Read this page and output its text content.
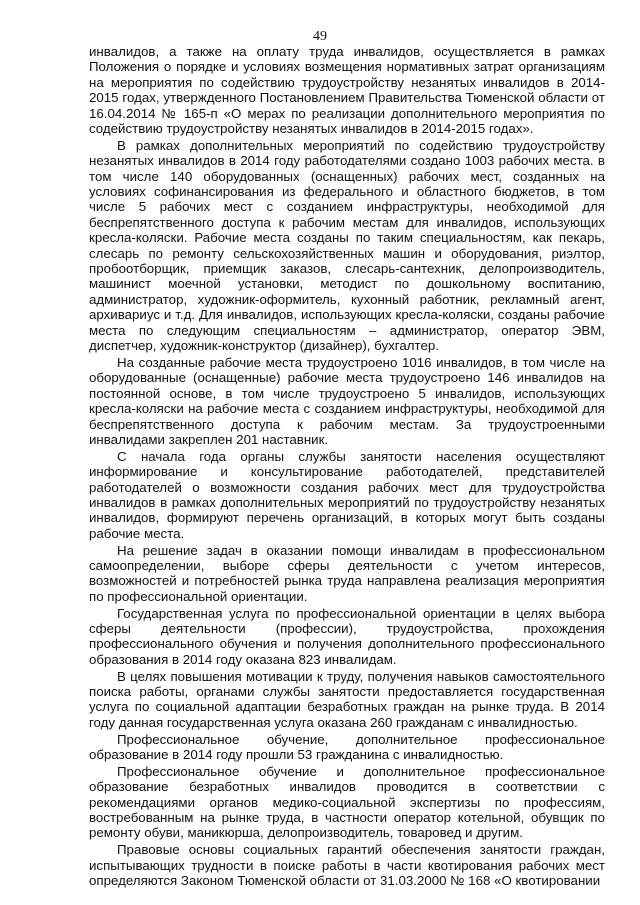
49

инвалидов, а также на оплату труда инвалидов, осуществляется в рамках Положения о порядке и условиях возмещения нормативных затрат организациям на мероприятия по содействию трудоустройству незанятых инвалидов в 2014-2015 годах, утвержденного Постановлением Правительства Тюменской области от 16.04.2014 № 165-п «О мерах по реализации дополнительного мероприятия по содействию трудоустройству незанятых инвалидов в 2014-2015 годах».

В рамках дополнительных мероприятий по содействию трудоустройству незанятых инвалидов в 2014 году работодателями создано 1003 рабочих места. в том числе 140 оборудованных (оснащенных) рабочих мест, созданных на условиях софинансирования из федерального и областного бюджетов, в том числе 5 рабочих мест с созданием инфраструктуры, необходимой для беспрепятственного доступа к рабочим местам для инвалидов, использующих кресла-коляски. Рабочие места созданы по таким специальностям, как пекарь, слесарь по ремонту сельскохозяйственных машин и оборудования, риэлтор, пробоотборщик, приемщик заказов, слесарь-сантехник, делопроизводитель, машинист моечной установки, методист по дошкольному воспитанию, администратор, художник-оформитель, кухонный работник, рекламный агент, архивариус и т.д. Для инвалидов, использующих кресла-коляски, созданы рабочие места по следующим специальностям – администратор, оператор ЭВМ, диспетчер, художник-конструктор (дизайнер), бухгалтер.

На созданные рабочие места трудоустроено 1016 инвалидов, в том числе на оборудованные (оснащенные) рабочие места трудоустроено 146 инвалидов на постоянной основе, в том числе трудоустроено 5 инвалидов, использующих кресла-коляски на рабочие места с созданием инфраструктуры, необходимой для беспрепятственного доступа к рабочим местам. За трудоустроенными инвалидами закреплен 201 наставник.

С начала года органы службы занятости населения осуществляют информирование и консультирование работодателей, представителей работодателей о возможности создания рабочих мест для трудоустройства инвалидов в рамках дополнительных мероприятий по трудоустройству незанятых инвалидов, формируют перечень организаций, в которых могут быть созданы рабочие места.

На решение задач в оказании помощи инвалидам в профессиональном самоопределении, выборе сферы деятельности с учетом интересов, возможностей и потребностей рынка труда направлена реализация мероприятия по профессиональной ориентации.

Государственная услуга по профессиональной ориентации в целях выбора сферы деятельности (профессии), трудоустройства, прохождения профессионального обучения и получения дополнительного профессионального образования в 2014 году оказана 823 инвалидам.

В целях повышения мотивации к труду, получения навыков самостоятельного поиска работы, органами службы занятости предоставляется государственная услуга по социальной адаптации безработных граждан на рынке труда. В 2014 году данная государственная услуга оказана 260 гражданам с инвалидностью.

Профессиональное обучение, дополнительное профессиональное образование в 2014 году прошли 53 гражданина с инвалидностью.

Профессиональное обучение и дополнительное профессиональное образование безработных инвалидов проводится в соответствии с рекомендациями органов медико-социальной экспертизы по профессиям, востребованным на рынке труда, в частности оператор котельной, обувщик по ремонту обуви, маникюрша, делопроизводитель, товаровед и другим.

Правовые основы социальных гарантий обеспечения занятости граждан, испытывающих трудности в поиске работы в части квотирования рабочих мест определяются Законом Тюменской области от 31.03.2000 № 168 «О квотировании
